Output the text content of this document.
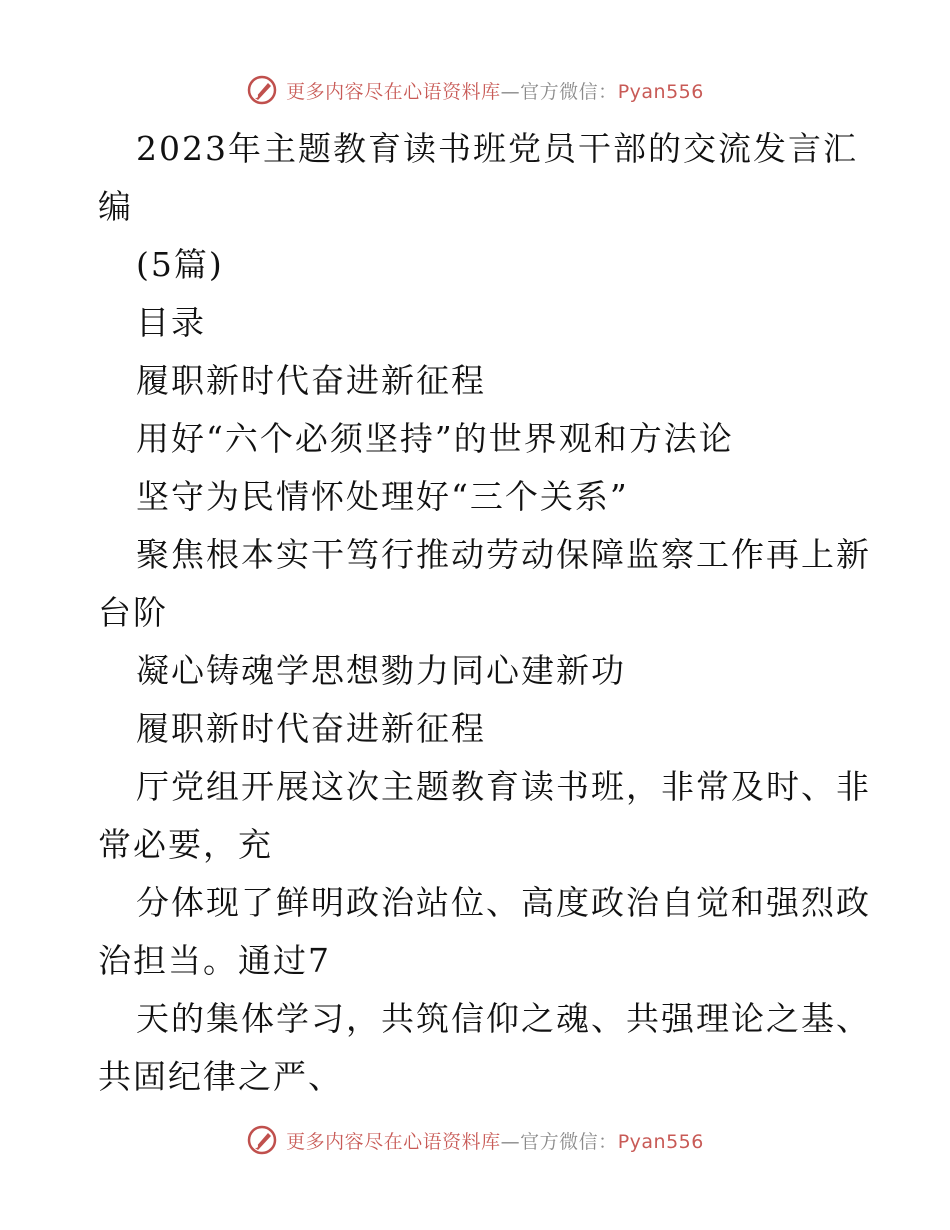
更多内容尽在心语资料库—官方微信：Pyan556
2023年主题教育读书班党员干部的交流发言汇
编
(5篇)
目录
履职新时代奋进新征程
用好“六个必须坚持”的世界观和方法论
坚守为民情怀处理好“三个关系”
聚焦根本实干笃行推动劳动保障监察工作再上新
台阶
凝心铸魂学思想勠力同心建新功
履职新时代奋进新征程
厅党组开展这次主题教育读书班，非常及时、非
常必要，充
分体现了鲜明政治站位、高度政治自觉和强烈政
治担当。通过7
天的集体学习，共筑信仰之魂、共强理论之基、
共固纪律之严、
更多内容尽在心语资料库—官方微信：Pyan556
